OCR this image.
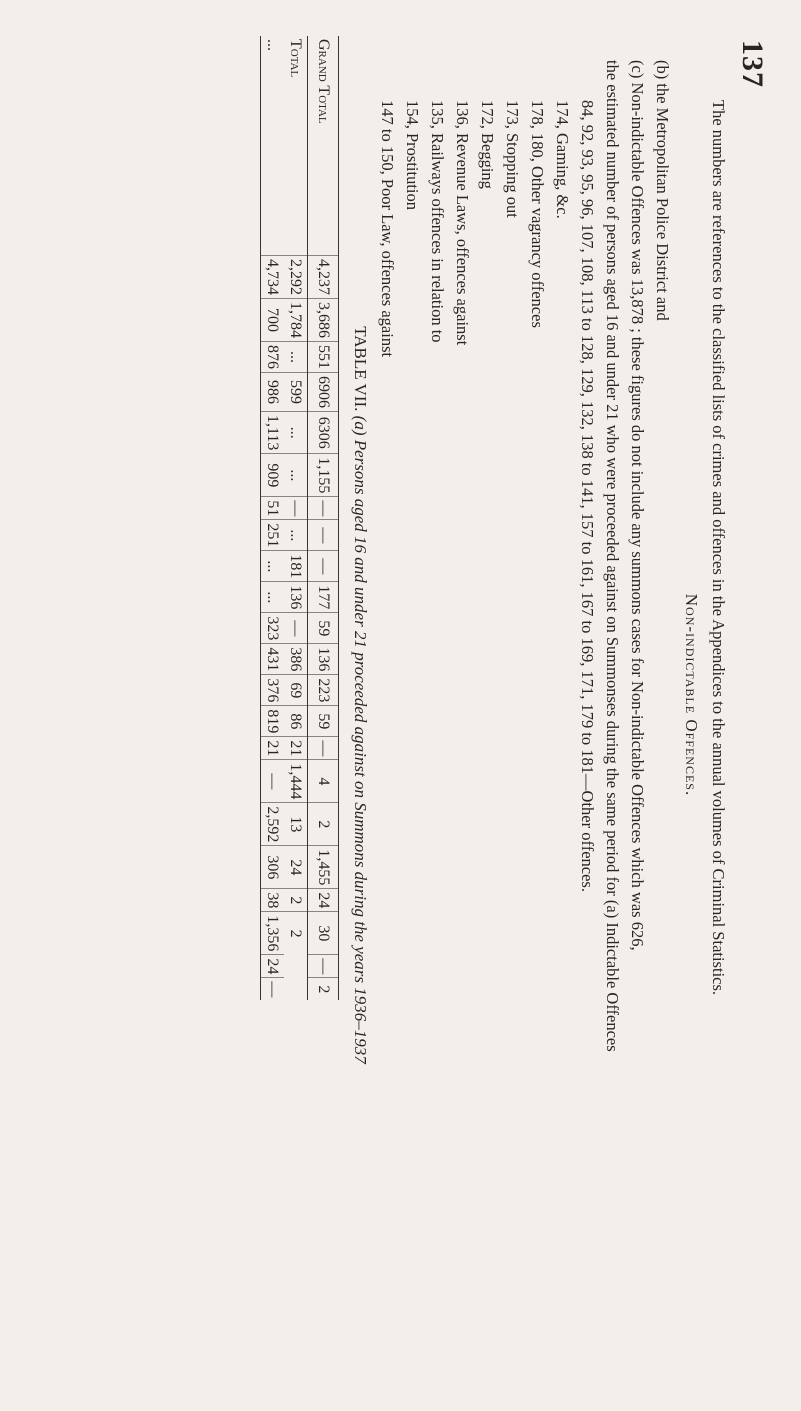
137

The numbers are references to the classified lists of crimes and offences in the Appendices to the annual volumes of Criminal Statistics.

Non-indictable Offences.
(b) the Metropolitan Police District and
(c) Non-indictable Offences was 13,878 ; these figures do not include any summons cases for Non-indictable Offences which was 626,
the estimated number of persons aged 16 and under 21 who were proceeded against on Summonses during the same period for (a) Indictable Offences
84, 92, 93, 95, 96, 107, 108, 113 to 128, 129, 132, 138 to 141, 157 to 161, 167 to 169, 171, 179 to 181—Other offences.
174, Gaming, &c.
178, 180, Other vagrancy offences
173, Stopping out
172, Begging
136, Revenue Laws, offences against
135, Railways offences in relation to
154, Prostitution
147 to 150, Poor Law, offences against
TABLE VII. (a) Persons aged 16 and under 21 proceeded against on Summons during the years 1936–1937
Grand Total	4,237	3,686	551	6906	6306	1,155	—	—	—	177	59	136	223	59	—	4	2	1,455	24	30	—	2
Total	2,292	1,784	...	599	...	...	—	...	181	136	—	386	69	86	21	1,444	13	24	2	2		
...	4,734	700	876	986	1,113	909	51	251	...	...	323	431	376	819	21	—	2,592	306	38	1,356	24	—
